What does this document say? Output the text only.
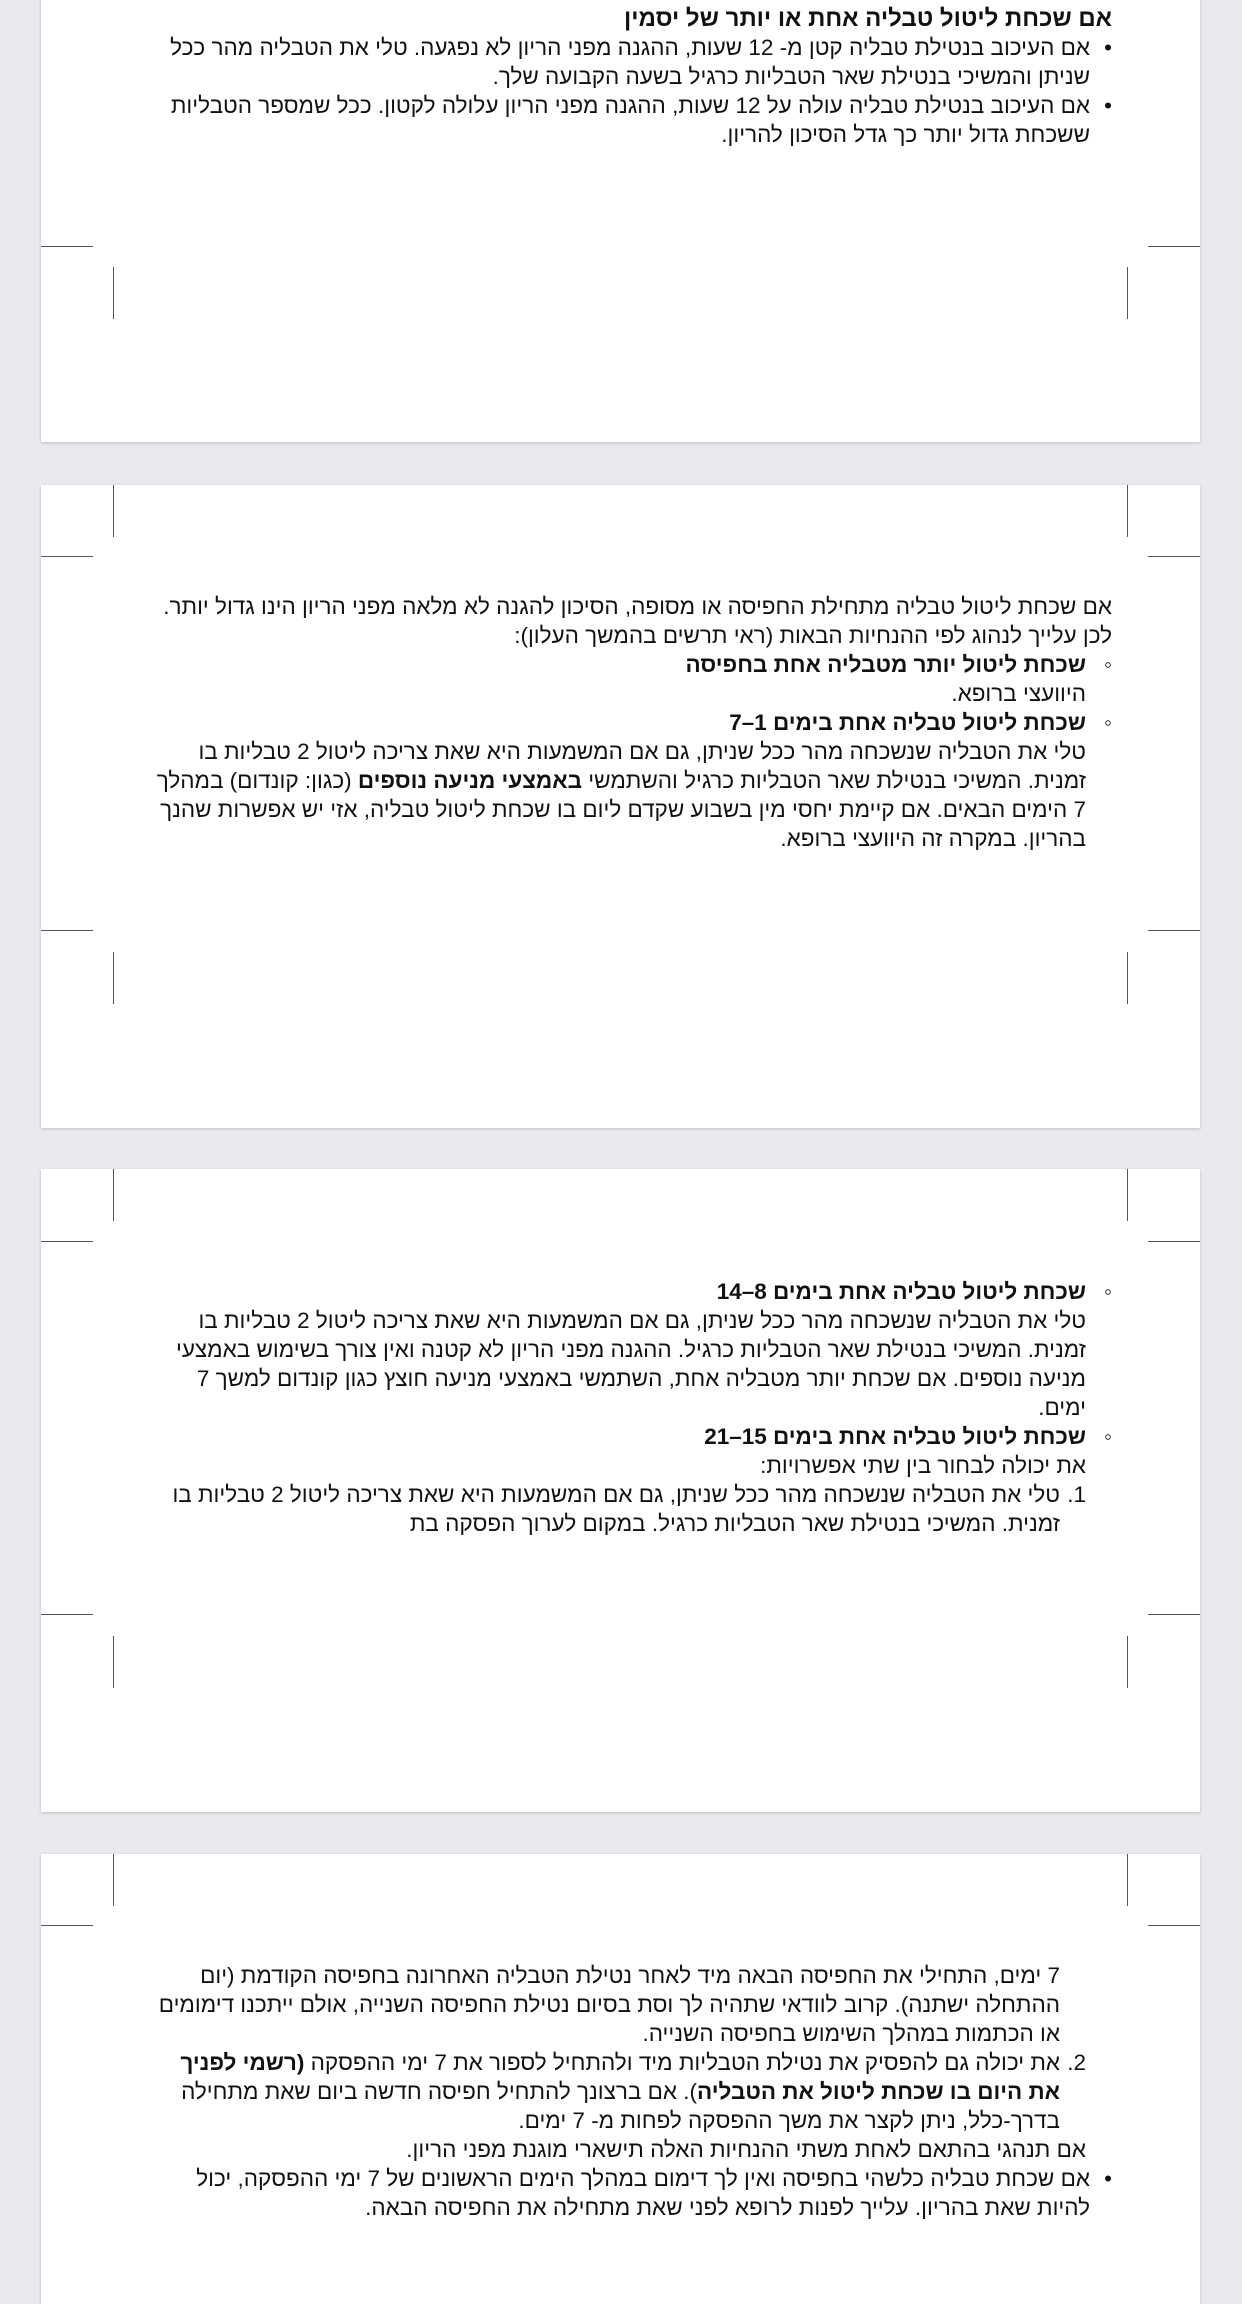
אם שכחת ליטול טבליה אחת או יותר של יסמין

• אם העיכוב בנטילת טבליה קטן מ- 12 שעות, ההגנה מפני הריון לא נפגעה. טלי את הטבליה מהר ככל שניתן והמשיכי בנטילת שאר הטבליות כרגיל בשעה הקבועה שלך.

• אם העיכוב בנטילת טבליה עולה על 12 שעות, ההגנה מפני הריון עלולה לקטון. ככל שמספר הטבליות ששכחת גדול יותר כך גדל הסיכון להריון.

אם שכחת ליטול טבליה מתחילת החפיסה או מסופה, הסיכון להגנה לא מלאה מפני הריון הינו גדול יותר. לכן עלייך לנהוג לפי ההנחיות הבאות (ראי תרשים בהמשך העלון):

◦ שכחת ליטול יותר מטבליה אחת בחפיסה

היוועצי ברופא.

◦ שכחת ליטול טבליה אחת בימים 1–7

טלי את הטבליה שנשכחה מהר ככל שניתן, גם אם המשמעות היא שאת צריכה ליטול 2 טבליות בו זמנית. המשיכי בנטילת שאר הטבליות כרגיל והשתמשי באמצעי מניעה נוספים (כגון: קונדום) במהלך 7 הימים הבאים. אם קיימת יחסי מין בשבוע שקדם ליום בו שכחת ליטול טבליה, אזי יש אפשרות שהנך בהריון. במקרה זה היוועצי ברופא.

◦ שכחת ליטול טבליה אחת בימים 8–14

טלי את הטבליה שנשכחה מהר ככל שניתן, גם אם המשמעות היא שאת צריכה ליטול 2 טבליות בו זמנית. המשיכי בנטילת שאר הטבליות כרגיל. ההגנה מפני הריון לא קטנה ואין צורך בשימוש באמצעי מניעה נוספים. אם שכחת יותר מטבליה אחת, השתמשי באמצעי מניעה חוצץ כגון קונדום למשך 7 ימים.

◦ שכחת ליטול טבליה אחת בימים 15–21

את יכולה לבחור בין שתי אפשרויות:

1.
טלי את הטבליה שנשכחה מהר ככל שניתן, גם אם המשמעות היא שאת צריכה ליטול 2 טבליות בו זמנית. המשיכי בנטילת שאר הטבליות כרגיל. במקום לערוך הפסקה בת

7 ימים, התחילי את החפיסה הבאה מיד לאחר נטילת הטבליה האחרונה בחפיסה הקודמת (יום ההתחלה ישתנה). קרוב לוודאי שתהיה לך וסת בסיום נטילת החפיסה השנייה, אולם ייתכנו דימומים או הכתמות במהלך השימוש בחפיסה השנייה.

2.
את יכולה גם להפסיק את נטילת הטבליות מיד ולהתחיל לספור את 7 ימי ההפסקה (רשמי לפניך את היום בו שכחת ליטול את הטבליה). אם ברצונך להתחיל חפיסה חדשה ביום שאת מתחילה בדרך-כלל, ניתן לקצר את משך ההפסקה לפחות מ- 7 ימים.

אם תנהגי בהתאם לאחת משתי ההנחיות האלה תישארי מוגנת מפני הריון.

• אם שכחת טבליה כלשהי בחפיסה ואין לך דימום במהלך הימים הראשונים של 7 ימי ההפסקה, יכול להיות שאת בהריון. עלייך לפנות לרופא לפני שאת מתחילה את החפיסה הבאה.
